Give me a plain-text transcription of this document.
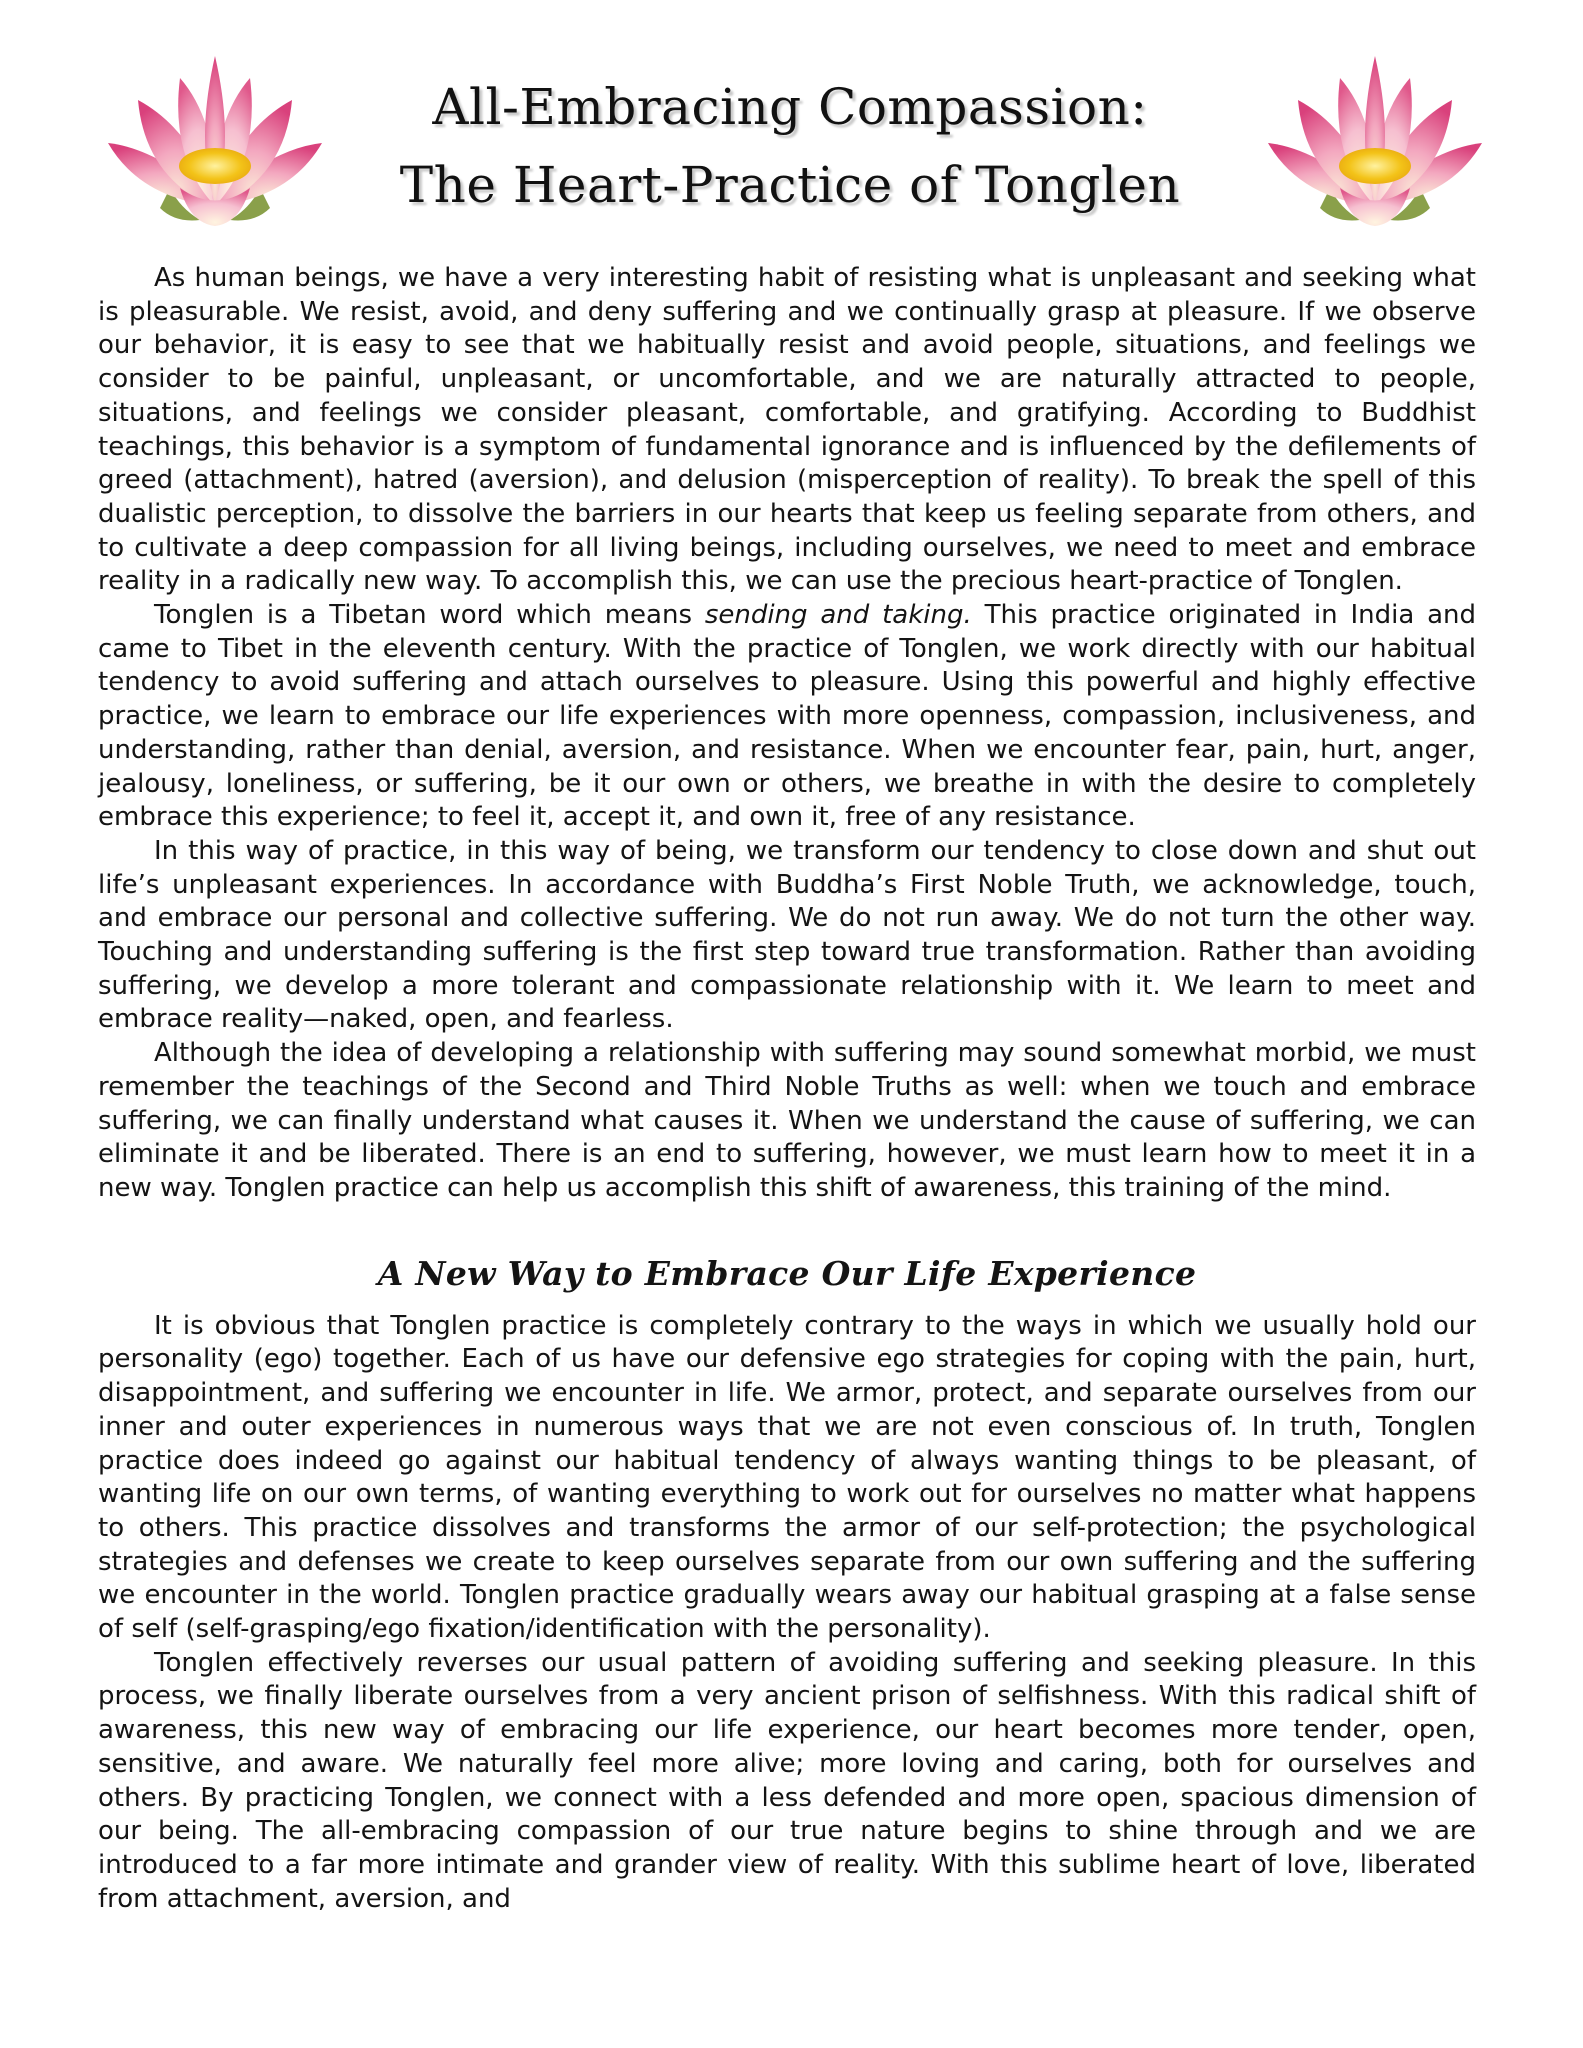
All-Embracing Compassion:
The Heart-Practice of Tonglen

As human beings, we have a very interesting habit of resisting what is unpleasant and seeking what is pleasurable. We resist, avoid, and deny suffering and we continually grasp at pleasure. If we observe our behavior, it is easy to see that we habitually resist and avoid people, situations, and feelings we consider to be painful, unpleasant, or uncomfortable, and we are naturally attracted to people, situations, and feelings we consider pleasant, comfortable, and gratifying. According to Buddhist teachings, this behavior is a symptom of fundamental ignorance and is influenced by the defilements of greed (attachment), hatred (aversion), and delusion (misperception of reality). To break the spell of this dualistic perception, to dissolve the barriers in our hearts that keep us feeling separate from others, and to cultivate a deep compassion for all living beings, including ourselves, we need to meet and embrace reality in a radically new way. To accomplish this, we can use the precious heart-practice of Tonglen.

Tonglen is a Tibetan word which means sending and taking. This practice originated in India and came to Tibet in the eleventh century. With the practice of Tonglen, we work directly with our habitual tendency to avoid suffering and attach ourselves to pleasure. Using this powerful and highly effective practice, we learn to embrace our life experiences with more openness, compassion, inclusiveness, and understanding, rather than denial, aversion, and resistance. When we encounter fear, pain, hurt, anger, jealousy, loneliness, or suffering, be it our own or others, we breathe in with the desire to completely embrace this experience; to feel it, accept it, and own it, free of any resistance.

In this way of practice, in this way of being, we transform our tendency to close down and shut out life’s unpleasant experiences. In accordance with Buddha’s First Noble Truth, we acknowledge, touch, and embrace our personal and collective suffering. We do not run away. We do not turn the other way. Touching and understanding suffering is the first step toward true transformation. Rather than avoiding suffering, we develop a more tolerant and compassionate relationship with it. We learn to meet and embrace reality—naked, open, and fearless.

Although the idea of developing a relationship with suffering may sound somewhat morbid, we must remember the teachings of the Second and Third Noble Truths as well: when we touch and embrace suffering, we can finally understand what causes it. When we understand the cause of suffering, we can eliminate it and be liberated. There is an end to suffering, however, we must learn how to meet it in a new way. Tonglen practice can help us accomplish this shift of awareness, this training of the mind.

A New Way to Embrace Our Life Experience

It is obvious that Tonglen practice is completely contrary to the ways in which we usually hold our personality (ego) together. Each of us have our defensive ego strategies for coping with the pain, hurt, disappointment, and suffering we encounter in life. We armor, protect, and separate ourselves from our inner and outer experiences in numerous ways that we are not even conscious of. In truth, Tonglen practice does indeed go against our habitual tendency of always wanting things to be pleasant, of wanting life on our own terms, of wanting everything to work out for ourselves no matter what happens to others. This practice dissolves and transforms the armor of our self-protection; the psychological strategies and defenses we create to keep ourselves separate from our own suffering and the suffering we encounter in the world. Tonglen practice gradually wears away our habitual grasping at a false sense of self (self-grasping/ego fixation/identification with the personality).

Tonglen effectively reverses our usual pattern of avoiding suffering and seeking pleasure. In this process, we finally liberate ourselves from a very ancient prison of selfishness. With this radical shift of awareness, this new way of embracing our life experience, our heart becomes more tender, open, sensitive, and aware. We naturally feel more alive; more loving and caring, both for ourselves and others. By practicing Tonglen, we connect with a less defended and more open, spacious dimension of our being. The all-embracing compassion of our true nature begins to shine through and we are introduced to a far more intimate and grander view of reality. With this sublime heart of love, liberated from attachment, aversion, and
